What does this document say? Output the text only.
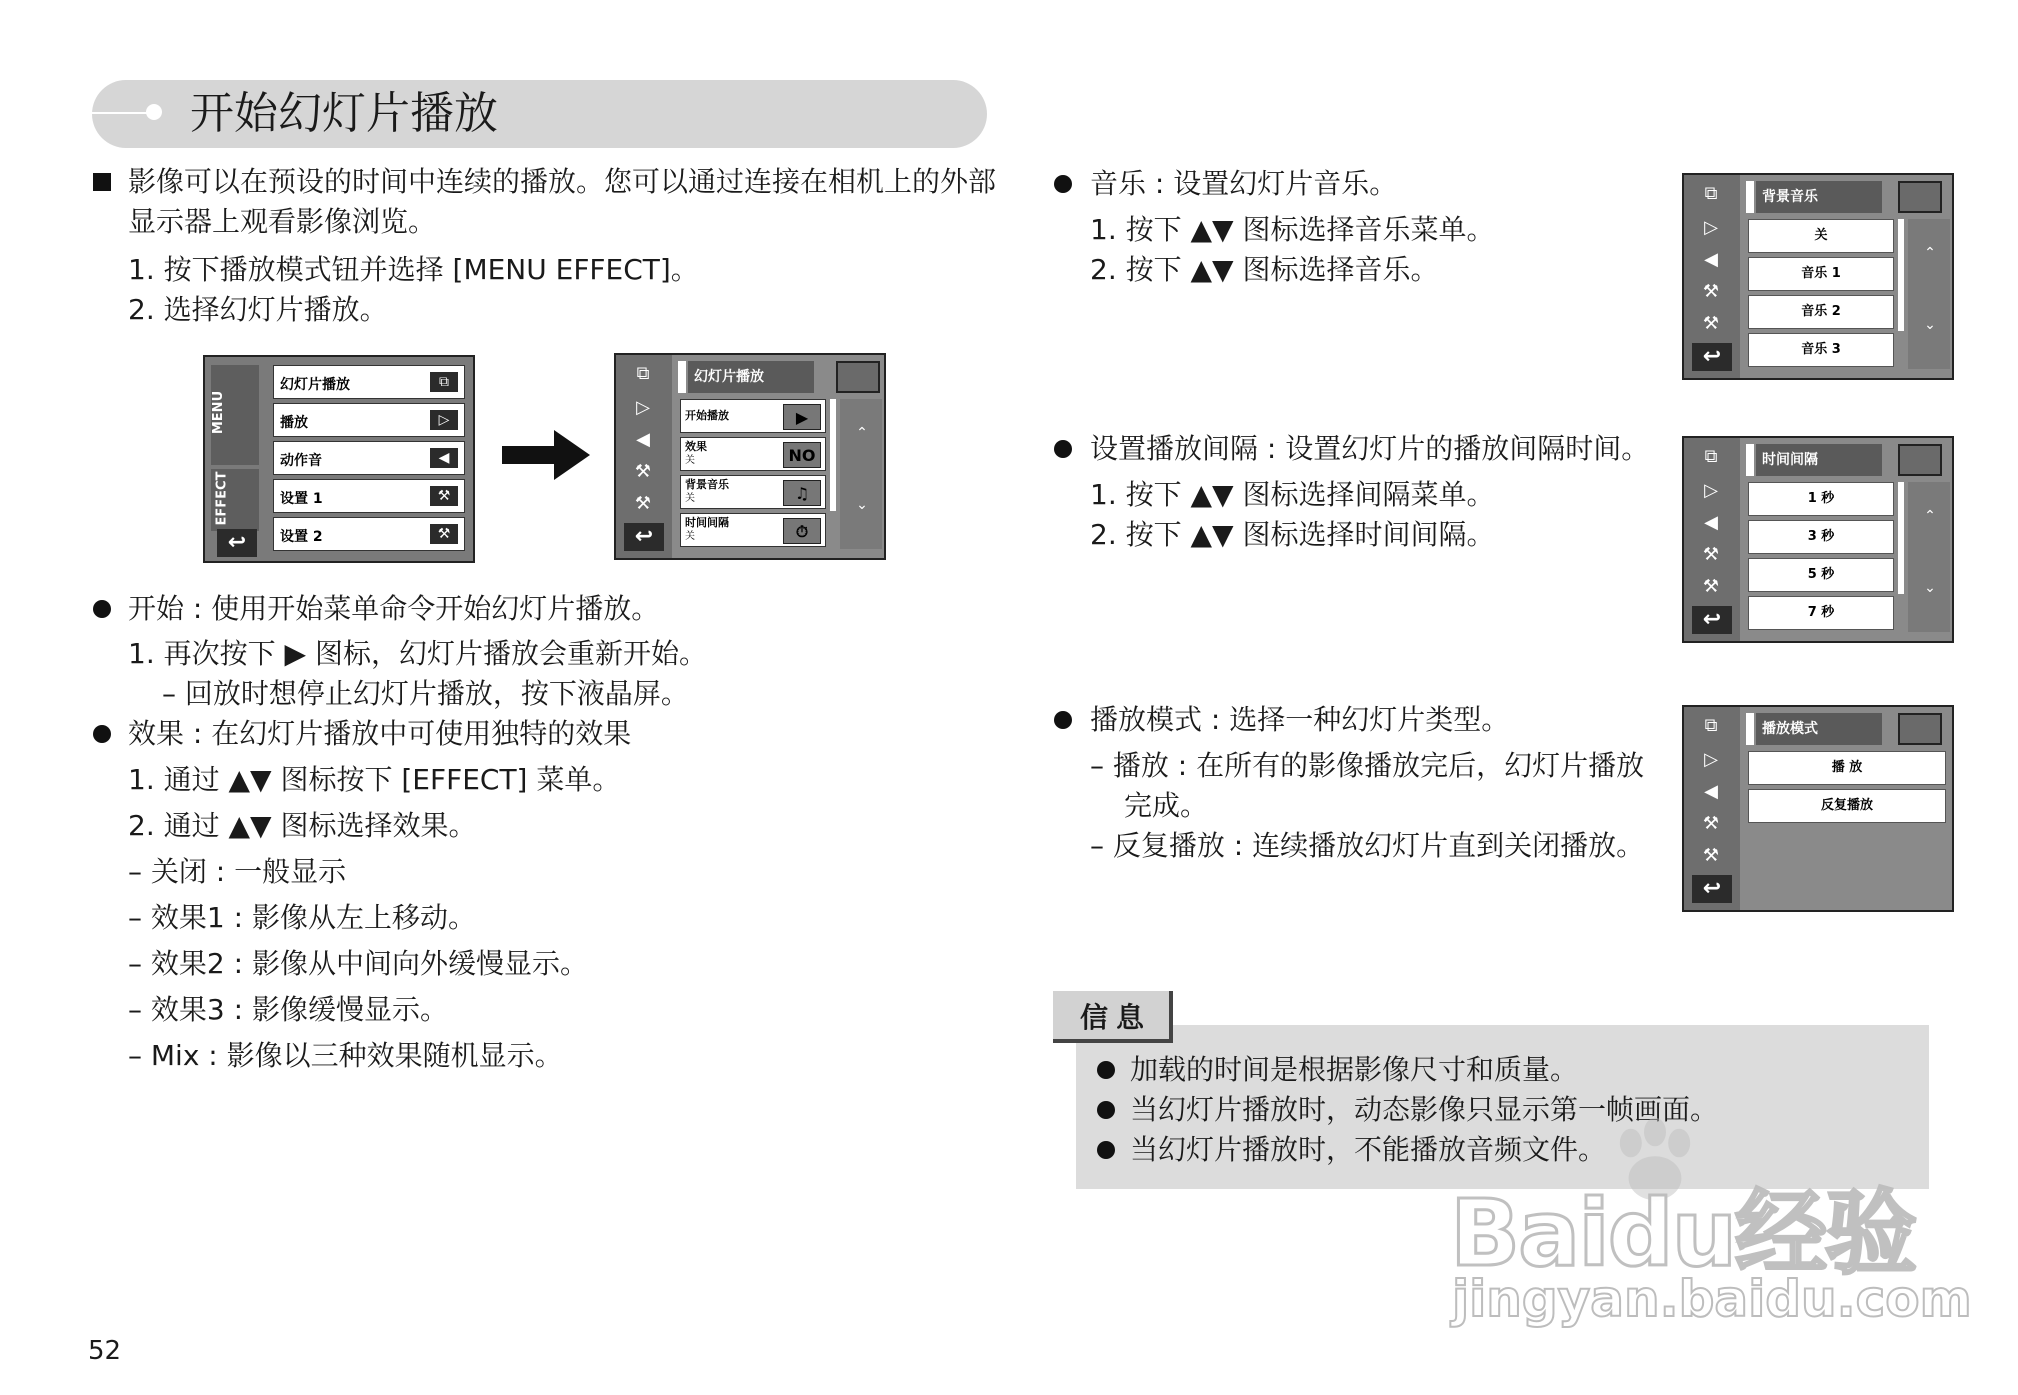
开始幻灯片播放
影像可以在预设的时间中连续的播放。您可以通过连接在相机上的外部
显示器上观看影像浏览。
1. 按下播放模式钮并选择 [MENU EFFECT]。
2. 选择幻灯片播放。
MENU
EFFECT
↩
幻灯片播放	⧉
播放	▷
动作音	◀
设置 1	⚒
设置 2	⚒
⧉
▷
◀
⚒
⚒
↩
幻灯片播放
开始播放	▶
效果
关	NO
背景音乐
关	♫
时间间隔
关	⏱
⌃
⌄
开始 : 使用开始菜单命令开始幻灯片播放。
1. 再次按下 ▶ 图标，幻灯片播放会重新开始。
– 回放时想停止幻灯片播放，按下液晶屏。
效果 : 在幻灯片播放中可使用独特的效果
1. 通过 ▲▼ 图标按下 [EFFECT] 菜单。
2. 通过 ▲▼ 图标选择效果。
– 关闭 : 一般显示
– 效果1 : 影像从左上移动。
– 效果2 : 影像从中间向外缓慢显示。
– 效果3 : 影像缓慢显示。
– Mix : 影像以三种效果随机显示。
音乐 : 设置幻灯片音乐。
1. 按下 ▲▼ 图标选择音乐菜单。
2. 按下 ▲▼ 图标选择音乐。
设置播放间隔 : 设置幻灯片的播放间隔时间。
1. 按下 ▲▼ 图标选择间隔菜单。
2. 按下 ▲▼ 图标选择时间间隔。
播放模式 : 选择一种幻灯片类型。
– 播放 : 在所有的影像播放完后，幻灯片播放
完成。
– 反复播放 : 连续播放幻灯片直到关闭播放。
⧉
▷
◀
⚒
⚒
↩
背景音乐
关
音乐 1
音乐 2
音乐 3
⌃
⌄
⧉
▷
◀
⚒
⚒
↩
时间间隔
1 秒
3 秒
5 秒
7 秒
⌃
⌄
⧉
▷
◀
⚒
⚒
↩
播放模式
播 放
反复播放
信息
加载的时间是根据影像尺寸和质量。
当幻灯片播放时，动态影像只显示第一帧画面。
当幻灯片播放时，不能播放音频文件。
Baidu经验
jingyan.baidu.com
52
